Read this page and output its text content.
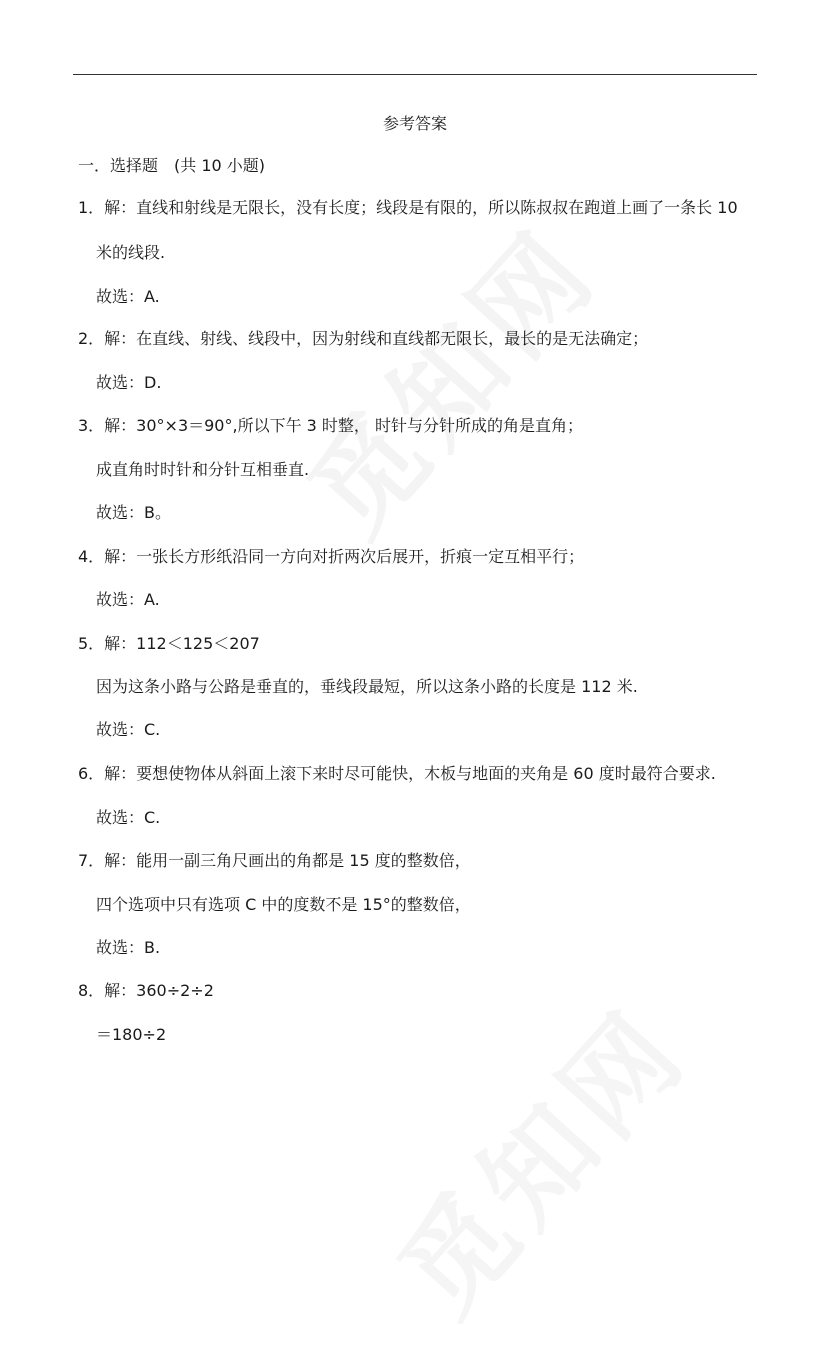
参考答案
一．选择题　(共 10 小题)
1．解：直线和射线是无限长，没有长度；线段是有限的，所以陈叔叔在跑道上画了一条长 10
米的线段.
故选：A.
2．解：在直线、射线、线段中，因为射线和直线都无限长，最长的是无法确定；
故选：D.
3．解：30°×3＝90°,所以下午 3 时整， 时针与分针所成的角是直角；
成直角时时针和分针互相垂直.
故选：B。
4．解：一张长方形纸沿同一方向对折两次后展开，折痕一定互相平行；
故选：A.
5．解：112＜125＜207
因为这条小路与公路是垂直的，垂线段最短，所以这条小路的长度是 112 米.
故选：C.
6．解：要想使物体从斜面上滚下来时尽可能快，木板与地面的夹角是 60 度时最符合要求.
故选：C.
7．解：能用一副三角尺画出的角都是 15 度的整数倍，
四个选项中只有选项 C 中的度数不是 15°的整数倍，
故选：B.
8．解：360÷2÷2
＝180÷2
